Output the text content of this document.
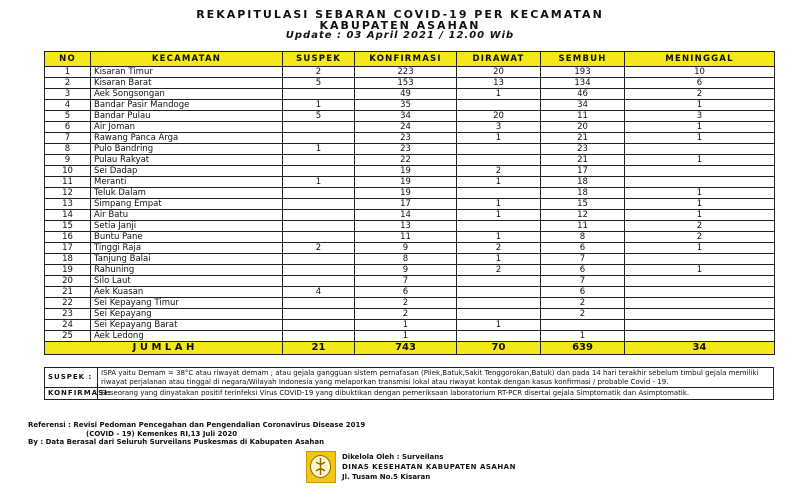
REKAPITULASI SEBARAN COVID-19 PER KECAMATAN
KABUPATEN ASAHAN
Update : 03 April 2021 / 12.00 Wib
NO	KECAMATAN	SUSPEK	KONFIRMASI	DIRAWAT	SEMBUH	MENINGGAL
1	Kisaran Timur	2	223	20	193	10
2	Kisaran Barat	5	153	13	134	6
3	Aek Songsongan		49	1	46	2
4	Bandar Pasir Mandoge	1	35		34	1
5	Bandar Pulau	5	34	20	11	3
6	Air Joman		24	3	20	1
7	Rawang Panca Arga		23	1	21	1
8	Pulo Bandring	1	23		23	
9	Pulau Rakyat		22		21	1
10	Sei Dadap		19	2	17	
11	Meranti	1	19	1	18	
12	Teluk Dalam		19		18	1
13	Simpang Empat		17	1	15	1
14	Air Batu		14	1	12	1
15	Setia Janji		13		11	2
16	Buntu Pane		11	1	8	2
17	Tinggi Raja	2	9	2	6	1
18	Tanjung Balai		8	1	7	
19	Rahuning		9	2	6	1
20	Silo Laut		7		7	
21	Aek Kuasan	4	6		6	
22	Sei Kepayang Timur		2		2	
23	Sei Kepayang		2		2	
24	Sei Kepayang Barat		1	1		
25	Aek Ledong		1		1	
J U M L A H		21	743	70	639	34
SUSPEK :	ISPA yaitu Demam = 38°C atau riwayat demam ; atau gejala gangguan sistem pernafasan (Pilek,Batuk,Sakit Tenggorokan,Batuk) dan pada 14 hari terakhir sebelum timbul gejala memiliki riwayat perjalanan atau tinggal di negara/Wilayah Indonesia yang melaporkan transmisi lokal atau riwayat kontak dengan kasus konfirmasi / probable Covid - 19.
KONFIRMASI:	Seseorang yang dinyatakan positif terinfeksi Virus COVID-19 yang dibuktikan dengan pemeriksaan laboratorium RT-PCR disertai gejala Simptomatik dan Asimptomatik.
Referensi : Revisi Pedoman Pencegahan dan Pengendalian Coronavirus Disease 2019
(COVID - 19) Kemenkes RI,13 Juli 2020
By : Data Berasal dari Seluruh Surveilans Puskesmas di Kabupaten Asahan
Dikelola Oleh : Surveilans
DINAS KESEHATAN KABUPATEN ASAHAN
Jl. Tusam No.5 Kisaran
